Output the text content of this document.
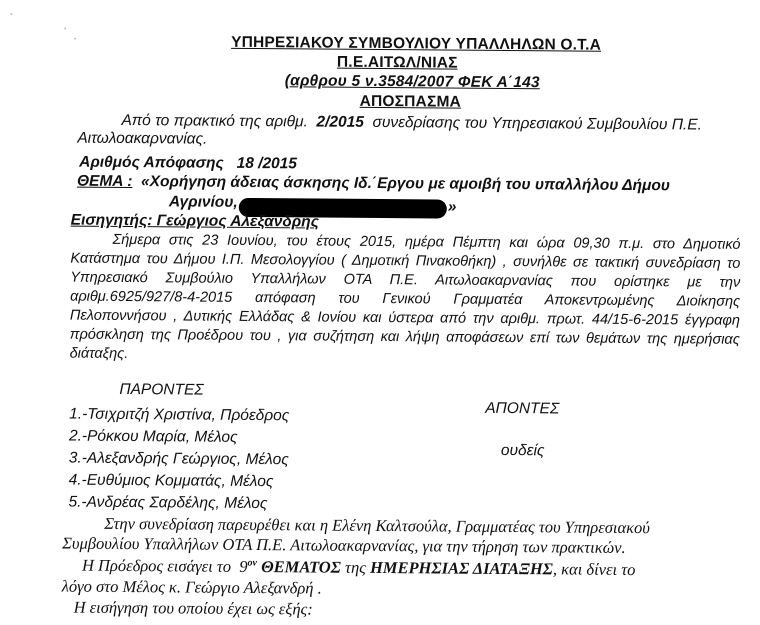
ΥΠΗΡΕΣΙΑΚΟΥ ΣΥΜΒΟΥΛΙΟΥ ΥΠΑΛΛΗΛΩΝ Ο.Τ.Α
Π.Ε.ΑΙΤΩΛ/ΝΙΑΣ
(αρθρου 5 ν.3584/2007 ΦΕΚ Α΄143
ΑΠΟΣΠΑΣΜΑ
Από το πρακτικό της αριθμ. 2/2015 συνεδρίασης του Υπηρεσιακού Συμβουλίου Π.Ε.
Αιτωλοακαρνανίας.
Αριθμός Απόφασης 18 /2015
ΘΕΜΑ : «Χορήγηση άδειας άσκησης Ιδ.΄Εργου με αμοιβή του υπαλλήλου Δήμου
Αγρινίου,	»
Εισηγητής: Γεώργιος Αλεξανδρής
Σήμερα στις 23 Ιουνίου, του έτους 2015, ημέρα Πέμπτη και ώρα 09,30 π.μ. στο Δημοτικό
Κατάστημα του Δήμου Ι.Π. Μεσολογγίου ( Δημοτική Πινακοθήκη) , συνήλθε σε τακτική συνεδρίαση το
Υπηρεσιακό Συμβούλιο Υπαλλήλων ΟΤΑ Π.Ε. Αιτωλοακαρνανίας που ορίστηκε με την
αριθμ.6925/927/8-4-2015 απόφαση του Γενικού Γραμματέα Αποκεντρωμένης Διοίκησης
Πελοποννήσου , Δυτικής Ελλάδας & Ιονίου και ύστερα από την αριθμ. πρωτ. 44/15-6-2015 έγγραφη
πρόσκληση της Προέδρου του , για συζήτηση και λήψη αποφάσεων επί των θεμάτων της ημερήσιας
διάταξης.
ΠΑΡΟΝΤΕΣ
1.-Τσιχριτζή Χριστίνα, Πρόεδρος
2.-Ρόκκου Μαρία, Μέλος
3.-Αλεξανδρής Γεώργιος, Μέλος
4.-Ευθύμιος Κομματάς, Μέλος
5.-Ανδρέας Σαρδέλης, Μέλος
ΑΠΟΝΤΕΣ
ουδείς
Στην συνεδρίαση παρευρέθει και η Ελένη Καλτσούλα, Γραμματέας του Υπηρεσιακού
Συμβουλίου Υπαλλήλων ΟΤΑ Π.Ε. Αιτωλοακαρνανίας, για την τήρηση των πρακτικών.
Η Πρόεδρος εισάγει το $9^{o\nu}$ ΘΕΜΑΤΟΣ της ΗΜΕΡΗΣΙΑΣ ΔΙΑΤΑΞΗΣ, και δίνει το
λόγο στο Μέλος κ. Γεώργιο Αλεξανδρή .
Η εισήγηση του οποίου έχει ως εξής:
